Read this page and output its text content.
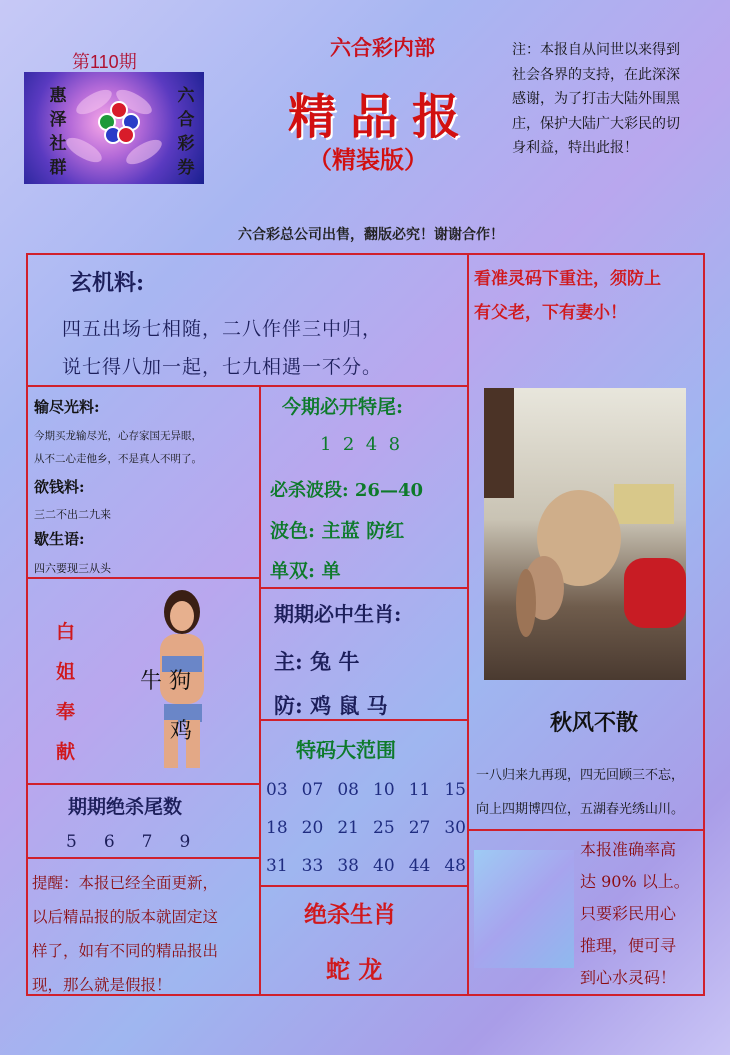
第110期
惠
泽
社
群
六
合
彩
券
六合彩内部
精品报
（精装版）
注：本报自从问世以来得到
社会各界的支持，在此深深
感谢，为了打击大陆外围黑
庄，保护大陆广大彩民的切
身利益，特出此报！
六合彩总公司出售，翻版必究！谢谢合作！
玄机料:
四五出场七相随，二八作伴三中归，
说七得八加一起，七九相遇一不分。
看准灵码下重注，须防上
有父老，下有妻小！
输尽光料:
今期买龙输尽光，心存家国无异眼，
从不二心走他乡，不是真人不明了。
欲钱料:
三二不出二九来
歇生语:
四六要现三从头
今期必开特尾:
1  2  4  8
必杀波段: 26—40
波色: 主蓝 防红
单双: 单
白
姐
奉
献
牛 狗
鸡
期期必中生肖:
主: 兔 牛
防: 鸡 鼠 马
期期绝杀尾数
5     6     7     9
特码大范围
03 07 08 10 11 15
18 20 21 25 27 30
31 33 38 40 44 48
提醒：本报已经全面更新，
以后精品报的版本就固定这
样了，如有不同的精品报出
现，那么就是假报！
绝杀生肖
蛇 龙
秋风不散
一八归来九再现，四无回顾三不忘，
向上四期博四位，五湖春光绣山川。
本报准确率高
达 90% 以上。
只要彩民用心
推理，便可寻
到心水灵码！
